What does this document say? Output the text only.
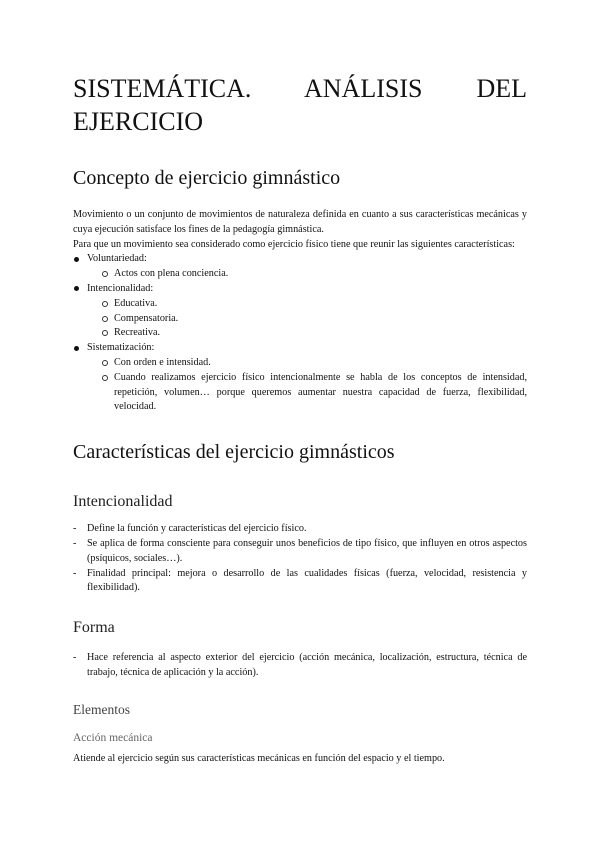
SISTEMÁTICA. ANÁLISIS DEL
EJERCICIO
Concepto de ejercicio gimnástico

Movimiento o un conjunto de movimientos de naturaleza definida en cuanto a sus características mecánicas y cuya ejecución satisface los fines de la pedagogía gimnástica.

Para que un movimiento sea considerado como ejercicio físico tiene que reunir las siguientes características:

Voluntariedad:
Actos con plena conciencia.
Intencionalidad:
Educativa.
Compensatoria.
Recreativa.
Sistematización:
Con orden e intensidad.
Cuando realizamos ejercicio físico intencionalmente se habla de los conceptos de intensidad, repetición, volumen… porque queremos aumentar nuestra capacidad de fuerza, flexibilidad, velocidad.
Características del ejercicio gimnásticos
Intencionalidad
- Define la función y características del ejercicio físico.
- Se aplica de forma consciente para conseguir unos beneficios de tipo físico, que influyen en otros aspectos (psíquicos, sociales…).
- Finalidad principal: mejora o desarrollo de las cualidades físicas (fuerza, velocidad, resistencia y flexibilidad).
Forma
- Hace referencia al aspecto exterior del ejercicio (acción mecánica, localización, estructura, técnica de trabajo, técnica de aplicación y la acción).
Elementos
Acción mecánica

Atiende al ejercicio según sus características mecánicas en función del espacio y el tiempo.
